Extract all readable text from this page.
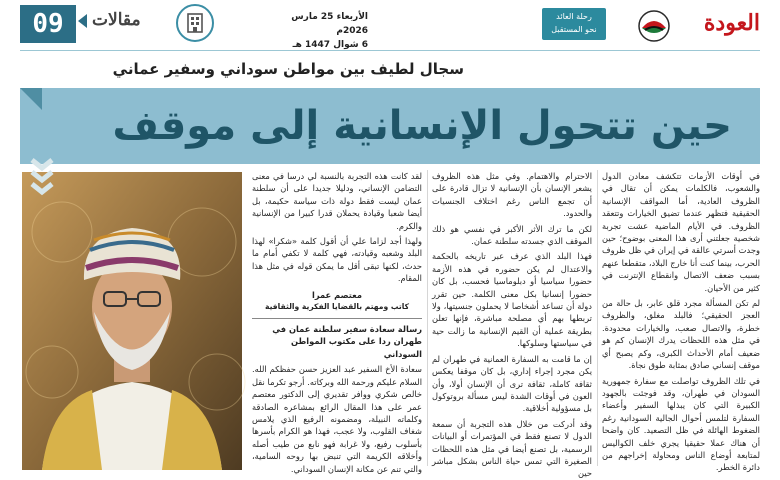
العودة
رحلة العائد
نحو المستقبل
الأربعاء 25 مارس 2026م
6 شوال 1447 هـ
مقالات
09
سجال لطيف بين مواطن سوداني وسفير عماني
حين تتحول الإنسانية إلى موقف

في أوقات الأزمات تتكشف معادن الدول والشعوب، فالكلمات يمكن أن تقال في الظروف العادية، أما المواقف الإنسانية الحقيقية فتظهر عندما تضيق الخيارات وتتعقد الظروف. في الأيام الماضية عشت تجربة شخصية جعلتني أرى هذا المعنى بوضوح؛ حين وجدت أسرتي عالقة في إيران في ظل ظروف الحرب، بينما كنت أنا خارج البلاد، متقطعا عنهم بسبب ضعف الاتصال وانقطاع الإنترنت في كثير من الأحيان.

لم تكن المسألة مجرد قلق عابر، بل حالة من العجز الحقيقي؛ فالبلد مغلق، والظروف خطرة، والاتصال صعب، والخيارات محدودة. في مثل هذه اللحظات يدرك الإنسان كم هو ضعيف أمام الأحداث الكبرى، وكم يصبح أي موقف إنساني صادق بمثابة طوق نجاة.

في تلك الظروف تواصلت مع سفارة جمهورية السودان في طهران، وقد فوجئت بالجهود الكبيرة التي كان يبذلها السفير وأعضاء السفارة لتلمس أحوال الجالية السودانية رغم الضغوط الهائلة في ظل التصعيد. كان واضحا أن هناك عملا حقيقيا يجري خلف الكواليس لمتابعة أوضاع الناس ومحاولة إخراجهم من دائرة الخطر.

الاحترام والاهتمام. وفي مثل هذه الظروف يشعر الإنسان بأن الإنسانية لا تزال قادرة على أن تجمع الناس رغم اختلاف الجنسيات والحدود.

لكن ما ترك الأثر الأكبر في نفسي هو ذلك الموقف الذي جسدته سلطنة عمان.

فهذا البلد الذي عرف عبر تاريخه بالحكمة والاعتدال لم يكن حضوره في هذه الأزمة حضورا سياسيا أو دبلوماسيا فحسب، بل كان حضورا إنسانيا بكل معنى الكلمة. حين تقرر دولة أن تساعد أشخاصا لا يحملون جنسيتها، ولا تربطها بهم أي مصلحة مباشرة، فإنها تعلن بطريقة عملية أن القيم الإنسانية ما زالت حية في سياستها وسلوكها.

إن ما قامت به السفارة العمانية في طهران لم يكن مجرد إجراء إداري، بل كان موقفا يعكس ثقافة كاملة، ثقافة ترى أن الإنسان أولا، وأن العون في أوقات الشدة ليس مسألة بروتوكول بل مسؤولية أخلاقية.

وقد أدركت من خلال هذه التجربة أن سمعة الدول لا تصنع فقط في المؤتمرات أو البيانات الرسمية، بل تصنع أيضا في مثل هذه اللحظات الصغيرة التي تمس حياة الناس بشكل مباشر حين

لقد كانت هذه التجربة بالنسبة لي درسا في معنى التضامن الإنساني، ودليلا جديدا على أن سلطنة عمان ليست فقط دولة ذات سياسة حكيمة، بل أيضا شعبا وقيادة يحملان قدرا كبيرا من الإنسانية والكرم.

ولهذا أجد لزاما علي أن أقول كلمة «شكرا» لهذا البلد وشعبه وقيادته، فهي كلمة لا تكفي أمام ما حدث، لكنها تبقى أقل ما يمكن قوله في مثل هذا المقام.

معتصم عمرا
كاتب ومهتم بالقضايا الفكرية والثقافية

رسالة سعادة سفير سلطنة عمان في طهران ردا على مكتوب المواطن السوداني

سعادة الأخ السفير عبد العزيز حسن حفظكم الله. السلام عليكم ورحمة الله وبركاته. أرجو تكرما نقل خالص شكري ووافر تقديري إلى الدكتور معتصم عمر على هذا المقال الرائع بمشاعره الصادقة وكلماته النبيلة، ومضمونه الرفيع الذي يلامس شغاف القلوب، ولا عجب، فهذا هو الكرام بأسرها بأسلوب رفيع، ولا غرابة فهو نابع من طيب أصله وأخلاقه الكريمة التي تنبض بها روحه السامية، والتي تنم عن مكانة الإنسان السوداني.
